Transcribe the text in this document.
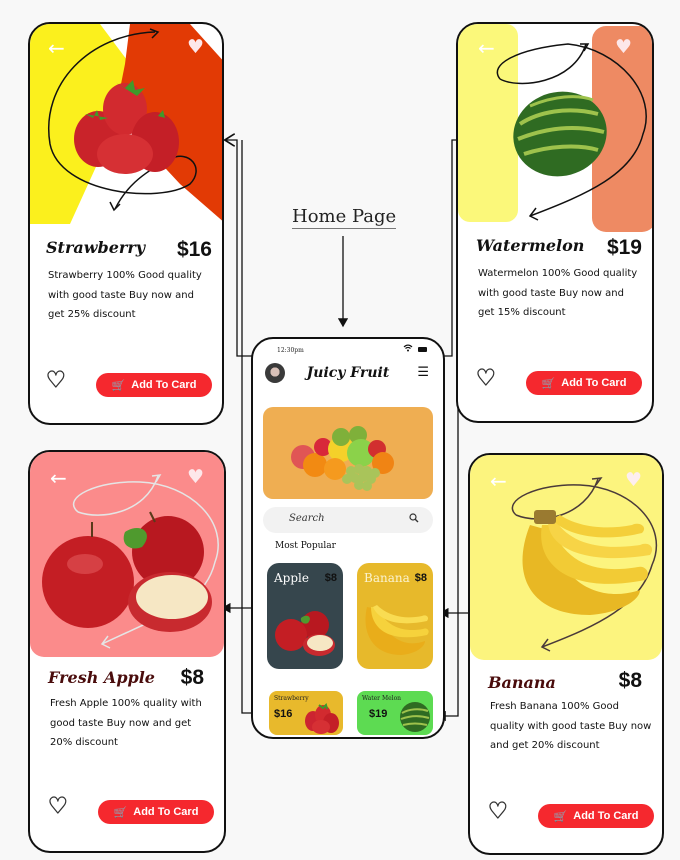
Home Page
←	♥
Strawberry $16
Strawberry 100% Good quality with good taste Buy now and get 25% discount
♥	🛒 Add To Card
←	♥
Watermelon $19
Watermelon 100% Good quality with good taste Buy now and get 15% discount
♥	🛒 Add To Card
←	♥
Fresh Apple $8
Fresh Apple 100% quality with good taste Buy now and get 20% discount
♥	🛒 Add To Card
←	♥
Banana	$8
Fresh Banana 100% Good quality with good taste Buy now and get 20% discount
♥	🛒 Add To Card
12:30pm
Juicy Fruit	☰
Search
Most Popular
Apple $8 Banana $8
Strawberry
$16
Water Melon
$19
